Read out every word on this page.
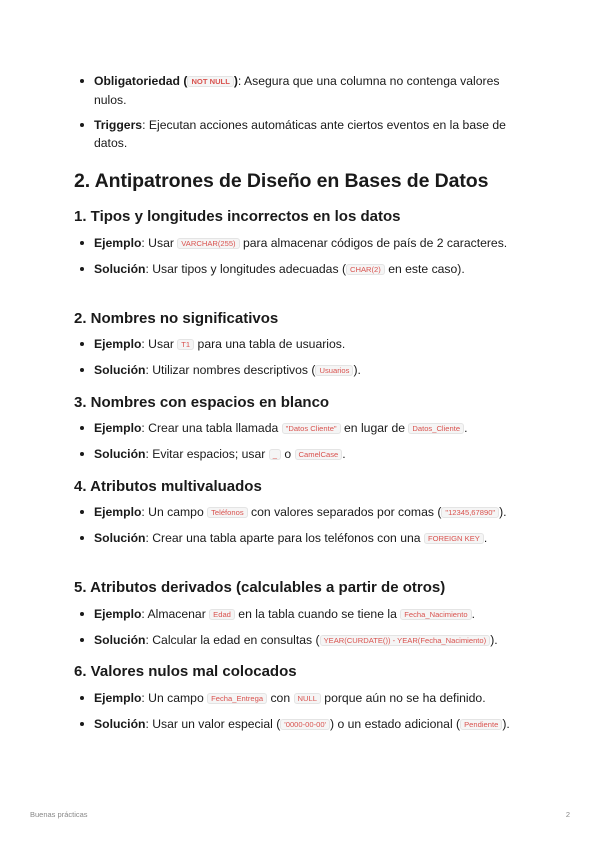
Obligatoriedad ( NOT NULL ): Asegura que una columna no contenga valores nulos.
Triggers: Ejecutan acciones automáticas ante ciertos eventos en la base de datos.
2. Antipatrones de Diseño en Bases de Datos
1. Tipos y longitudes incorrectos en los datos
Ejemplo: Usar VARCHAR(255) para almacenar códigos de país de 2 caracteres.
Solución: Usar tipos y longitudes adecuadas ( CHAR(2) en este caso).
2. Nombres no significativos
Ejemplo: Usar T1 para una tabla de usuarios.
Solución: Utilizar nombres descriptivos ( Usuarios ).
3. Nombres con espacios en blanco
Ejemplo: Crear una tabla llamada "Datos Cliente" en lugar de Datos_Cliente .
Solución: Evitar espacios; usar _ o CamelCase .
4. Atributos multivaluados
Ejemplo: Un campo Teléfonos con valores separados por comas ( "12345,67890" ).
Solución: Crear una tabla aparte para los teléfonos con una FOREIGN KEY .
5. Atributos derivados (calculables a partir de otros)
Ejemplo: Almacenar Edad en la tabla cuando se tiene la Fecha_Nacimiento .
Solución: Calcular la edad en consultas ( YEAR(CURDATE()) - YEAR(Fecha_Nacimiento) ).
6. Valores nulos mal colocados
Ejemplo: Un campo Fecha_Entrega con NULL porque aún no se ha definido.
Solución: Usar un valor especial ( '0000-00-00' ) o un estado adicional ( Pendiente ).
Buenas prácticas	2
